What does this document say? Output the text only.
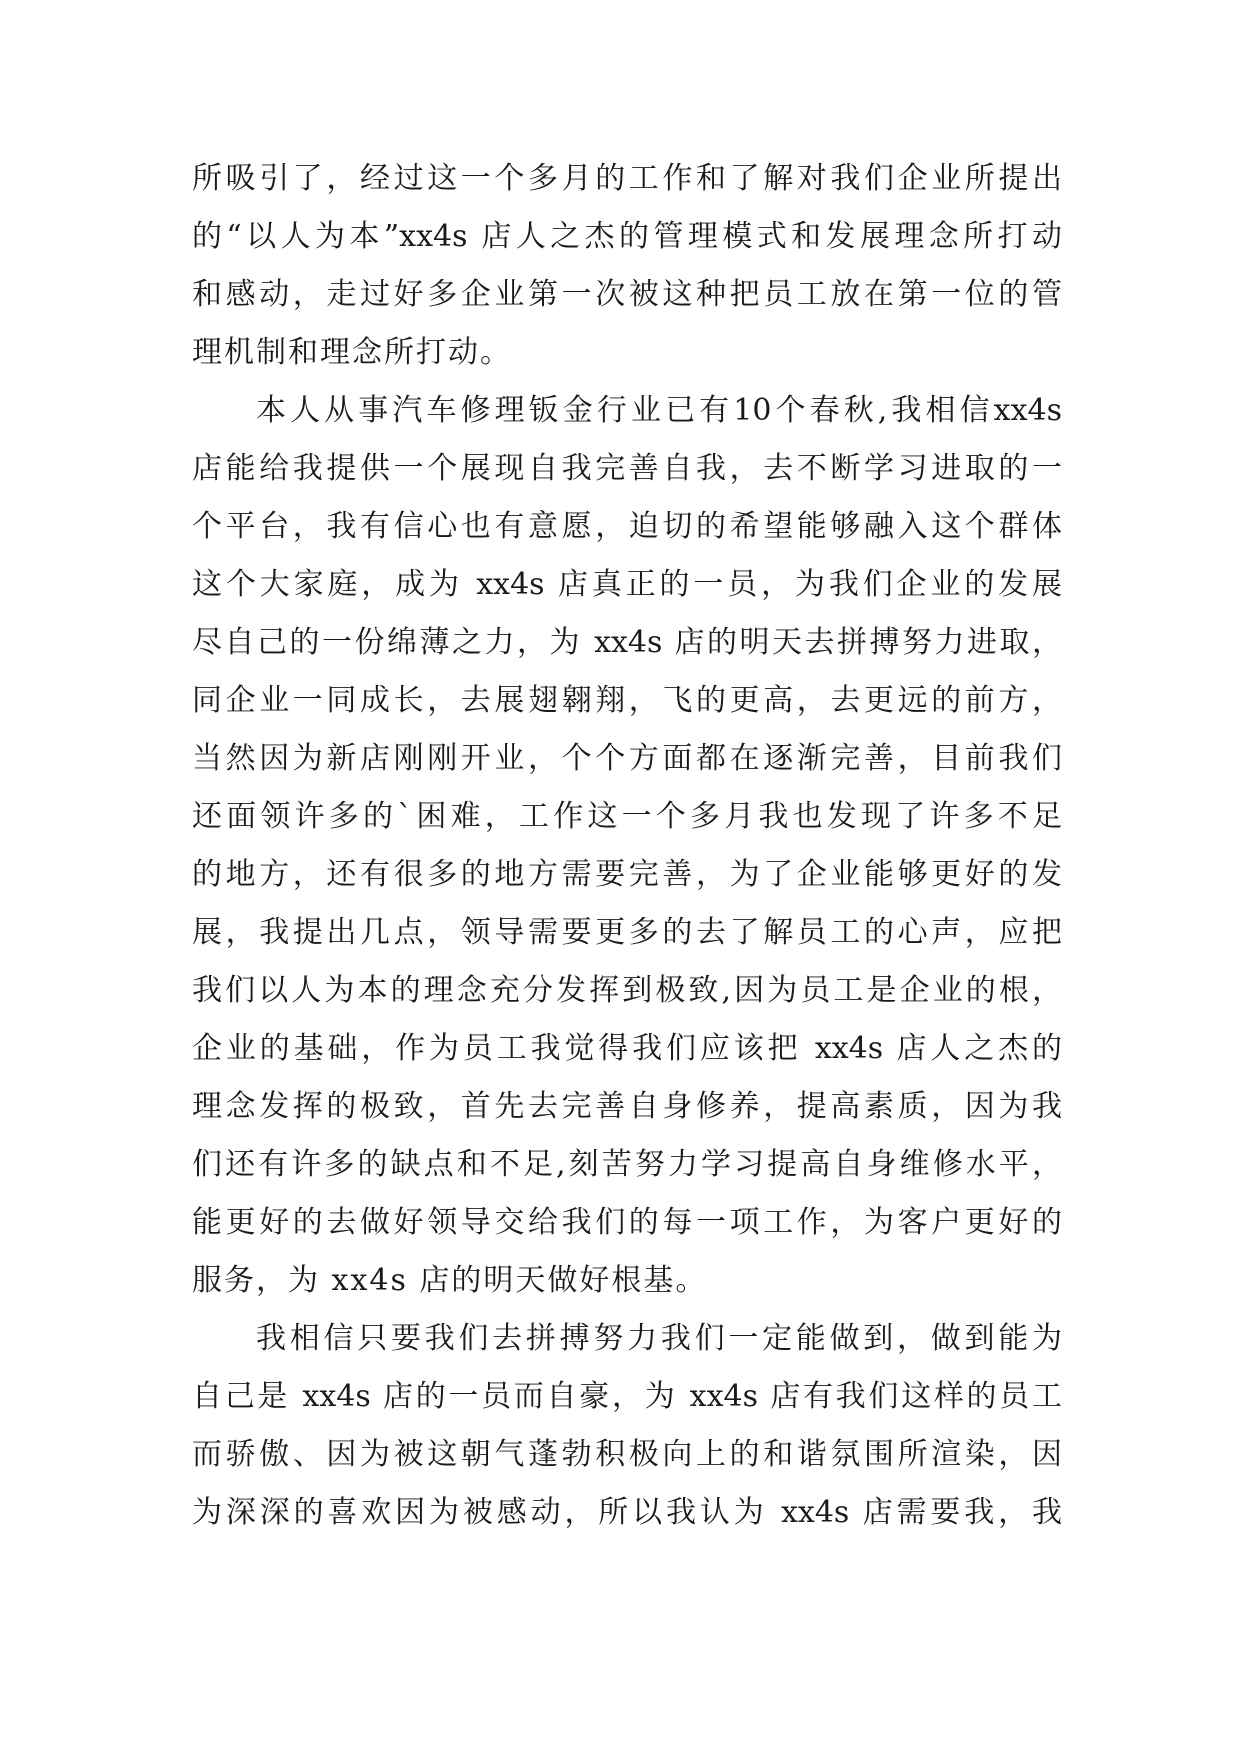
所吸引了，经过这一个多月的工作和了解对我们企业所提出
的“以人为本”xx4s 店人之杰的管理模式和发展理念所打动
和感动，走过好多企业第一次被这种把员工放在第一位的管
理机制和理念所打动。
本人从事汽车修理钣金行业已有10个春秋,我相信xx4s
店能给我提供一个展现自我完善自我，去不断学习进取的一
个平台，我有信心也有意愿，迫切的希望能够融入这个群体
这个大家庭，成为 xx4s 店真正的一员，为我们企业的发展
尽自己的一份绵薄之力，为 xx4s 店的明天去拼搏努力进取，
同企业一同成长，去展翅翱翔，飞的更高，去更远的前方，
当然因为新店刚刚开业，个个方面都在逐渐完善，目前我们
还面领许多的`困难，工作这一个多月我也发现了许多不足
的地方，还有很多的地方需要完善，为了企业能够更好的发
展，我提出几点，领导需要更多的去了解员工的心声，应把
我们以人为本的理念充分发挥到极致,因为员工是企业的根，
企业的基础，作为员工我觉得我们应该把 xx4s 店人之杰的
理念发挥的极致，首先去完善自身修养，提高素质，因为我
们还有许多的缺点和不足,刻苦努力学习提高自身维修水平，
能更好的去做好领导交给我们的每一项工作，为客户更好的
服务，为 xx4s 店的明天做好根基。
我相信只要我们去拼搏努力我们一定能做到，做到能为
自己是 xx4s 店的一员而自豪，为 xx4s 店有我们这样的员工
而骄傲、因为被这朝气蓬勃积极向上的和谐氛围所渲染，因
为深深的喜欢因为被感动，所以我认为 xx4s 店需要我，我
